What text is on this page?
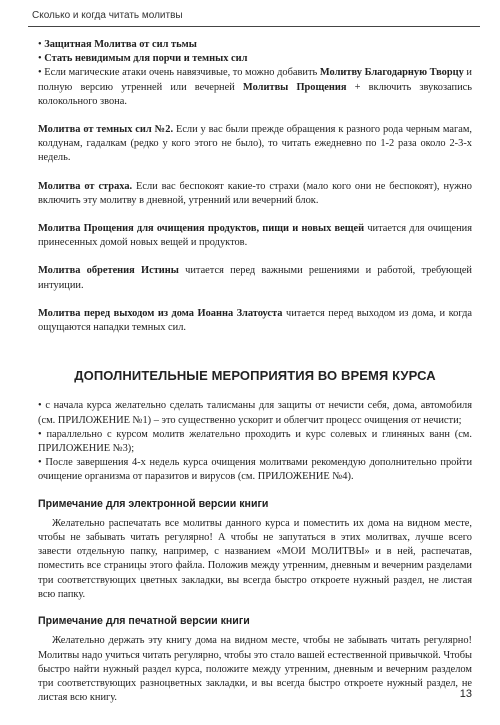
Сколько и когда читать молитвы

• Защитная Молитва от сил тьмы

• Стать невидимым для порчи и темных сил

• Если магические атаки очень навязчивые, то можно добавить Молитву Благодарную Творцу и полную версию утренней или вечерней Молитвы Прощения + включить звукозапись колокольного звона.

Молитва от темных сил №2. Если у вас были прежде обращения к разного рода черным магам, колдунам, гадалкам (редко у кого этого не было), то читать ежедневно по 1-2 раза около 2-3-х недель.

Молитва от страха. Если вас беспокоят какие-то страхи (мало кого они не беспокоят), нужно включить эту молитву в дневной, утренний или вечерний блок.

Молитва Прощения для очищения продуктов, пищи и новых вещей читается для очищения принесенных домой новых вещей и продуктов.

Молитва обретения Истины читается перед важными решениями и работой, требующей интуиции.

Молитва перед выходом из дома Иоанна Златоуста читается перед выходом из дома, и когда ощущаются нападки темных сил.

ДОПОЛНИТЕЛЬНЫЕ МЕРОПРИЯТИЯ ВО ВРЕМЯ КУРСА

• с начала курса желательно сделать талисманы для защиты от нечисти себя, дома, автомобиля (см. ПРИЛОЖЕНИЕ №1) – это существенно ускорит и облегчит процесс очищения от нечисти;

• параллельно с курсом молитв желательно проходить и курс солевых и глиняных ванн (см. ПРИЛОЖЕНИЕ №3);

• После завершения 4-х недель курса очищения молитвами рекомендую дополнительно пройти очищение организма от паразитов и вирусов (см. ПРИЛОЖЕНИЕ №4).

Примечание для электронной версии книги

Желательно распечатать все молитвы данного курса и поместить их дома на видном месте, чтобы не забывать читать регулярно! А чтобы не запутаться в этих молитвах, лучше всего завести отдельную папку, например, с названием «МОИ МОЛИТВЫ» и в ней, распечатав, поместить все страницы этого файла. Положив между утренним, дневным и вечерним разделами три соответствующих цветных закладки, вы всегда быстро откроете нужный раздел, не листая всю папку.

Примечание для печатной версии книги

Желательно держать эту книгу дома на видном месте, чтобы не забывать читать регулярно! Молитвы надо учиться читать регулярно, чтобы это стало вашей естественной привычкой. Чтобы быстро найти нужный раздел курса, положите между утренним, дневным и вечерним разделом три соответствующих разноцветных закладки, и вы всегда быстро откроете нужный раздел, не листая всю книгу.	13
